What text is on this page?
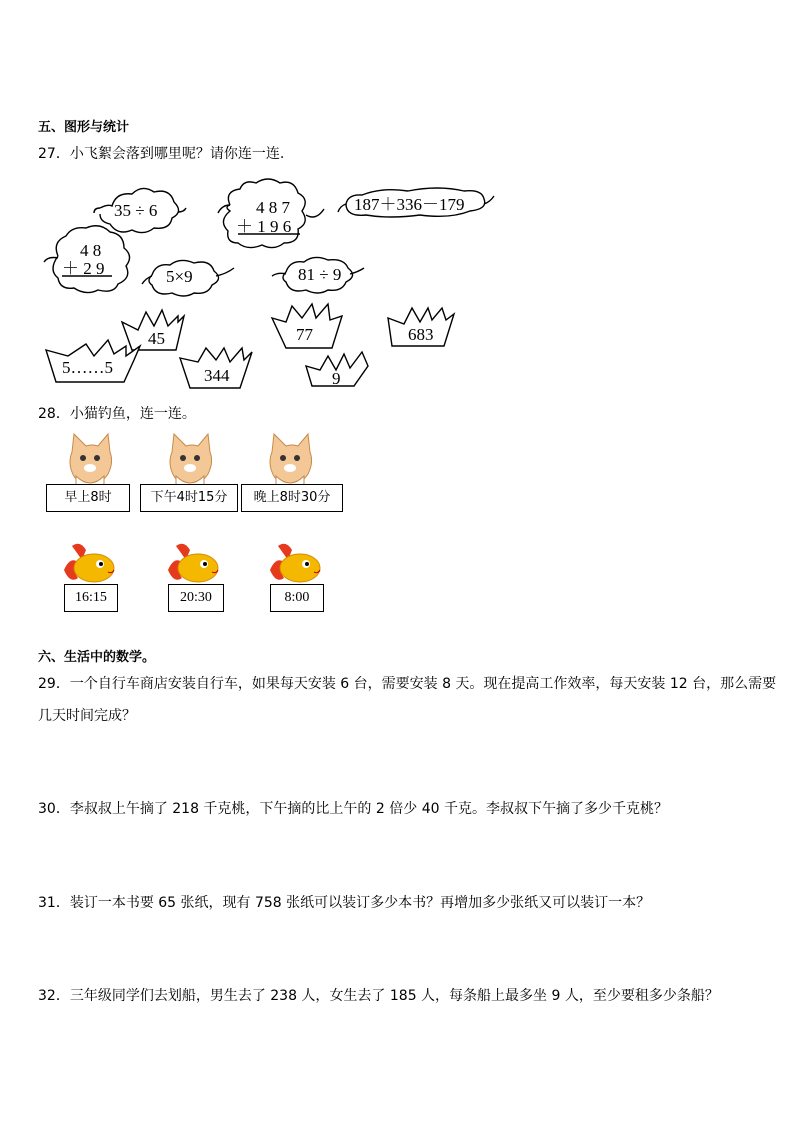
五、图形与统计
27．小飞絮会落到哪里呢？请你连一连.
35 ÷ 6	4 8 7
＋ 1 9 6
187＋336－179
4 8
＋ 2 9	5×9	81 ÷ 9
45	77	683
5……5	344	9
28．小猫钓鱼，连一连。
早上8时	下午4时15分	晚上8时30分
16:15	20:30	8:00
六、生活中的数学。
29．一个自行车商店安装自行车，如果每天安装 6 台，需要安装 8 天。现在提高工作效率，每天安装 12 台，那么需要
几天时间完成？
30．李叔叔上午摘了 218 千克桃，下午摘的比上午的 2 倍少 40 千克。李叔叔下午摘了多少千克桃？
31．装订一本书要 65 张纸，现有 758 张纸可以装订多少本书？再增加多少张纸又可以装订一本？
32．三年级同学们去划船，男生去了 238 人，女生去了 185 人，每条船上最多坐 9 人，至少要租多少条船？
